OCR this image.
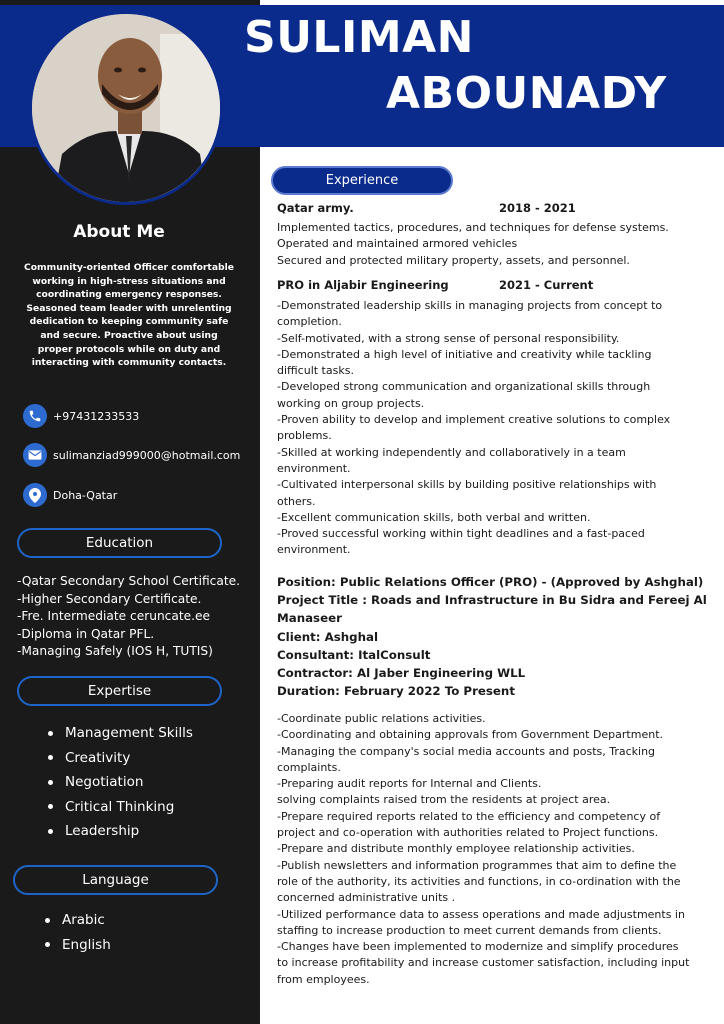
SULIMAN
ABOUNADY
About Me
Community-oriented Officer comfortable working in high-stress situations and coordinating emergency responses. Seasoned team leader with unrelenting dedication to keeping community safe and secure. Proactive about using proper protocols while on duty and interacting with community contacts.
+97431233533
sulimanziad999000@hotmail.com
Doha-Qatar
Education
-Qatar Secondary School Certificate.
-Higher Secondary Certificate.
-Fre. Intermediate ceruncate.ee
-Diploma in Qatar PFL.
-Managing Safely (IOS H, TUTIS)
Expertise
Management Skills
Creativity
Negotiation
Critical Thinking
Leadership
Language
Arabic
English
Experience
Qatar army.	2018 - 2021
Implemented tactics, procedures, and techniques for defense systems.
Operated and maintained armored vehicles
Secured and protected military property, assets, and personnel.
PRO in Aljabir Engineering	2021 - Current
-Demonstrated leadership skills in managing projects from concept to
completion.
-Self-motivated, with a strong sense of personal responsibility.
-Demonstrated a high level of initiative and creativity while tackling
difficult tasks.
-Developed strong communication and organizational skills through
working on group projects.
-Proven ability to develop and implement creative solutions to complex
problems.
-Skilled at working independently and collaboratively in a team
environment.
-Cultivated interpersonal skills by building positive relationships with
others.
-Excellent communication skills, both verbal and written.
-Proved successful working within tight deadlines and a fast-paced
environment.
Position: Public Relations Officer (PRO) - (Approved by Ashghal)
Project Title : Roads and Infrastructure in Bu Sidra and Fereej Al
Manaseer
Client: Ashghal
Consultant: ItalConsult
Contractor: Al Jaber Engineering WLL
Duration: February 2022 To Present
-Coordinate public relations activities.
-Coordinating and obtaining approvals from Government Department.
-Managing the company's social media accounts and posts, Tracking
complaints.
-Preparing audit reports for Internal and Clients.
solving complaints raised trom the residents at project area.
-Prepare required reports related to the efficiency and competency of
project and co-operation with authorities related to Project functions.
-Prepare and distribute monthly employee relationship activities.
-Publish newsletters and information programmes that aim to define the
role of the authority, its activities and functions, in co-ordination with the
concerned administrative units .
-Utilized performance data to assess operations and made adjustments in
staffing to increase production to meet current demands from clients.
-Changes have been implemented to modernize and simplify procedures
to increase profitability and increase customer satisfaction, including input
from employees.
